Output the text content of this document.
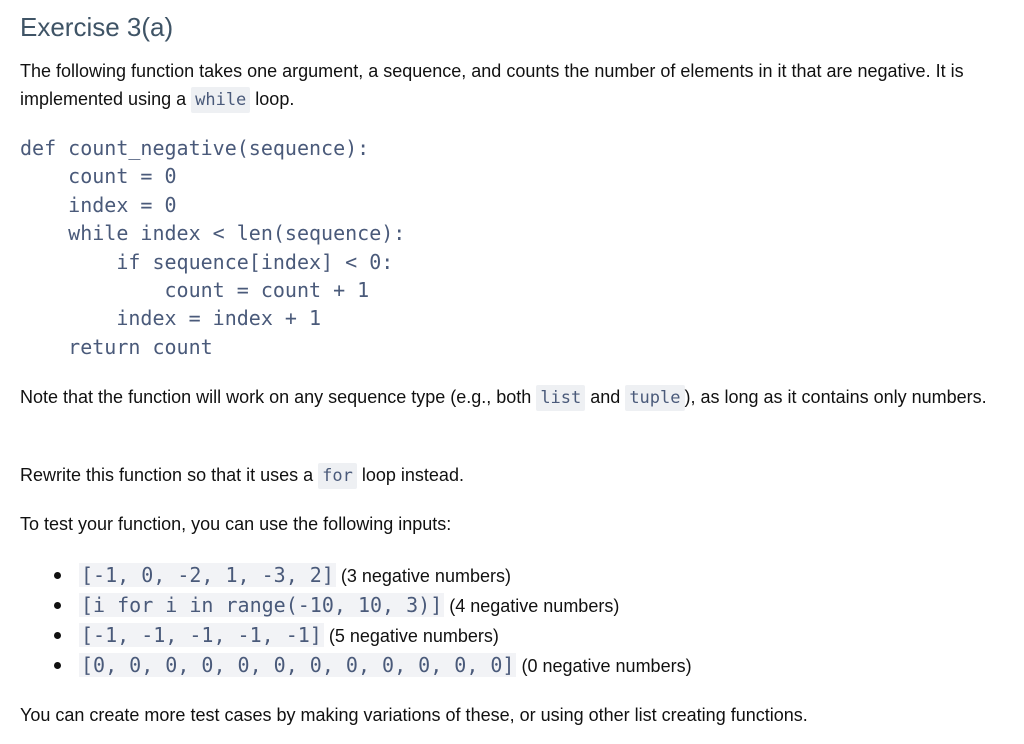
Exercise 3(a)

The following function takes one argument, a sequence, and counts the number of elements in it that are negative. It is implemented using a while loop.

def count_negative(sequence):
count = 0
index = 0
while index < len(sequence):
if sequence[index] < 0:
count = count + 1
index = index + 1
return count

Note that the function will work on any sequence type (e.g., both list and tuple ), as long as it contains only numbers.

Rewrite this function so that it uses a for loop instead.

To test your function, you can use the following inputs:

[-1, 0, -2, 1, -3, 2] (3 negative numbers)
[i for i in range(-10, 10, 3)] (4 negative numbers)
[-1, -1, -1, -1, -1] (5 negative numbers)
[0, 0, 0, 0, 0, 0, 0, 0, 0, 0, 0, 0] (0 negative numbers)

You can create more test cases by making variations of these, or using other list creating functions.
